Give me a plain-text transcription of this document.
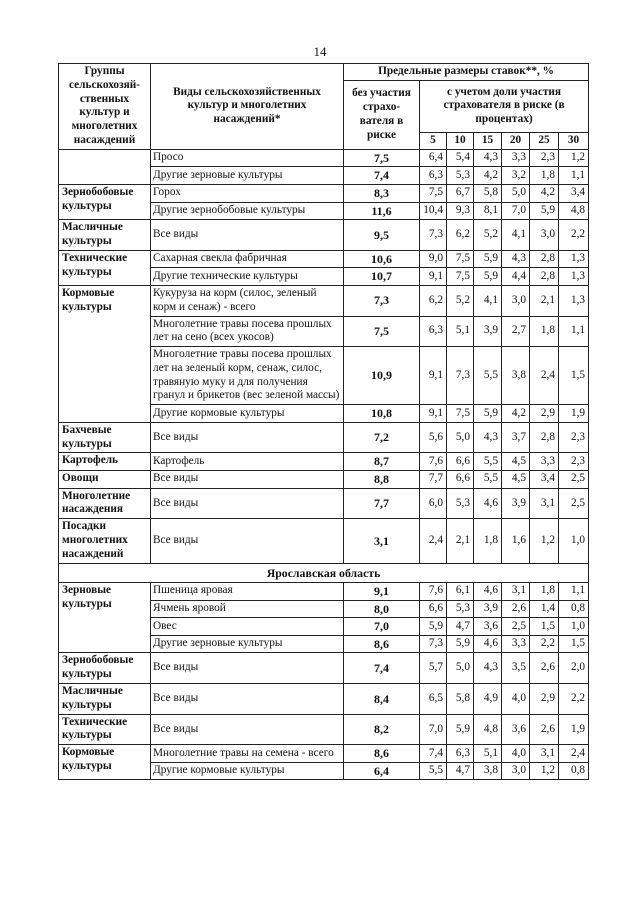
14
Группы сельскохозяй-ственных культур и многолетних насаждений	Виды сельскохозяйственных культур и многолетних насаждений*	Предельные размеры ставок**, %						
		без участия страхо-вателя в риске	с учетом доли участия страхователя в риске (в процентах)					
			5	10	15	20	25	30
	Просо	7,5	6,4	5,4	4,3	3,3	2,3	1,2
	Другие зерновые культуры	7,4	6,3	5,3	4,2	3,2	1,8	1,1
Зернобобовые культуры	Горох	8,3	7,5	6,7	5,8	5,0	4,2	3,4
	Другие зернобобовые культуры	11,6	10,4	9,3	8,1	7,0	5,9	4,8
Масличные культуры	Все виды	9,5	7,3	6,2	5,2	4,1	3,0	2,2
Технические культуры	Сахарная свекла фабричная	10,6	9,0	7,5	5,9	4,3	2,8	1,3
	Другие технические культуры	10,7	9,1	7,5	5,9	4,4	2,8	1,3
Кормовые культуры	Кукуруза на корм (силос, зеленый корм и сенаж) - всего	7,3	6,2	5,2	4,1	3,0	2,1	1,3
	Многолетние травы посева прошлых лет на сено (всех укосов)	7,5	6,3	5,1	3,9	2,7	1,8	1,1
	Многолетние травы посева прошлых лет на зеленый корм, сенаж, силос, травяную муку и для получения гранул и брикетов (вес зеленой массы)	10,9	9,1	7,3	5,5	3,8	2,4	1,5
	Другие кормовые культуры	10,8	9,1	7,5	5,9	4,2	2,9	1,9
Бахчевые культуры	Все виды	7,2	5,6	5,0	4,3	3,7	2,8	2,3
Картофель	Картофель	8,7	7,6	6,6	5,5	4,5	3,3	2,3
Овощи	Все виды	8,8	7,7	6,6	5,5	4,5	3,4	2,5
Многолетние насаждения	Все виды	7,7	6,0	5,3	4,6	3,9	3,1	2,5
Посадки многолетних насаждений	Все виды	3,1	2,4	2,1	1,8	1,6	1,2	1,0
Ярославская область								
Зерновые культуры	Пшеница яровая	9,1	7,6	6,1	4,6	3,1	1,8	1,1
	Ячмень яровой	8,0	6,6	5,3	3,9	2,6	1,4	0,8
	Овес	7,0	5,9	4,7	3,6	2,5	1,5	1,0
	Другие зерновые культуры	8,6	7,3	5,9	4,6	3,3	2,2	1,5
Зернобобовые культуры	Все виды	7,4	5,7	5,0	4,3	3,5	2,6	2,0
Масличные культуры	Все виды	8,4	6,5	5,8	4,9	4,0	2,9	2,2
Технические культуры	Все виды	8,2	7,0	5,9	4,8	3,6	2,6	1,9
Кормовые культуры	Многолетние травы на семена - всего	8,6	7,4	6,3	5,1	4,0	3,1	2,4
	Другие кормовые культуры	6,4	5,5	4,7	3,8	3,0	1,2	0,8
